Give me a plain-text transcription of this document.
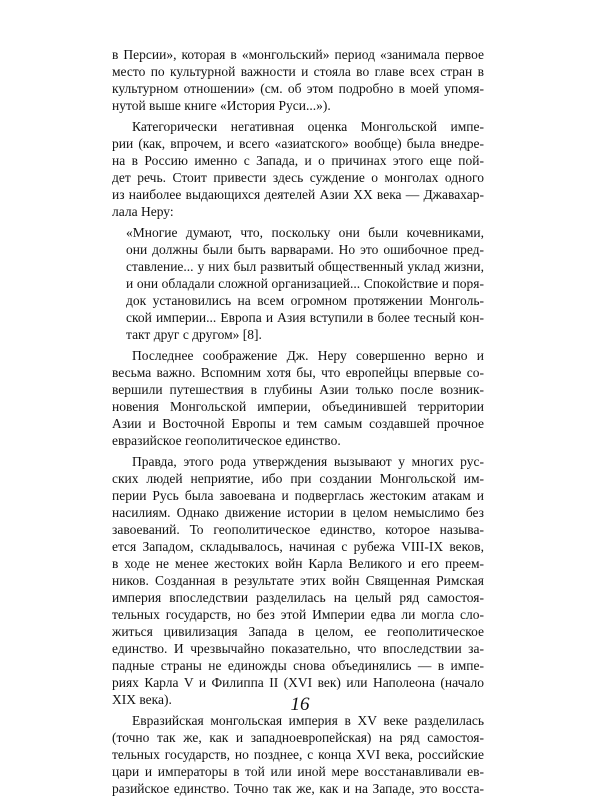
в Персии», которая в «монгольский» период «занимала первое
место по культурной важности и стояла во главе всех стран в
культурном отношении» (см. об этом подробно в моей упомя-
нутой выше книге «История Руси...»).
Категорически негативная оценка Монгольской импе-
рии (как, впрочем, и всего «азиатского» вообще) была внедре-
на в Россию именно с Запада, и о причинах этого еще пой-
дет речь. Стоит привести здесь суждение о монголах одного
из наиболее выдающихся деятелей Азии XX века — Джавахар-
лала Неру:
«Многие думают, что, поскольку они были кочевниками,
они должны были быть варварами. Но это ошибочное пред-
ставление... у них был развитый общественный уклад жизни,
и они обладали сложной организацией... Спокойствие и поря-
док установились на всем огромном протяжении Монголь-
ской империи... Европа и Азия вступили в более тесный кон-
такт друг с другом» [8].
Последнее соображение Дж. Неру совершенно верно и
весьма важно. Вспомним хотя бы, что европейцы впервые со-
вершили путешествия в глубины Азии только после возник-
новения Монгольской империи, объединившей территории
Азии и Восточной Европы и тем самым создавшей прочное
евразийское геополитическое единство.
Правда, этого рода утверждения вызывают у многих рус-
ских людей неприятие, ибо при создании Монгольской им-
перии Русь была завоевана и подверглась жестоким атакам и
насилиям. Однако движение истории в целом немыслимо без
завоеваний. То геополитическое единство, которое называ-
ется Западом, складывалось, начиная с рубежа VIII-IX веков,
в ходе не менее жестоких войн Карла Великого и его преем-
ников. Созданная в результате этих войн Священная Римская
империя впоследствии разделилась на целый ряд самостоя-
тельных государств, но без этой Империи едва ли могла сло-
житься цивилизация Запада в целом, ее геополитическое
единство. И чрезвычайно показательно, что впоследствии за-
падные страны не единожды снова объединялись — в импе-
риях Карла V и Филиппа II (XVI век) или Наполеона (начало
XIX века).
Евразийская монгольская империя в XV веке разделилась
(точно так же, как и западноевропейская) на ряд самостоя-
тельных государств, но позднее, с конца XVI века, российские
цари и императоры в той или иной мере восстанавливали ев-
разийское единство. Точно так же, как и на Западе, это восста-
16
